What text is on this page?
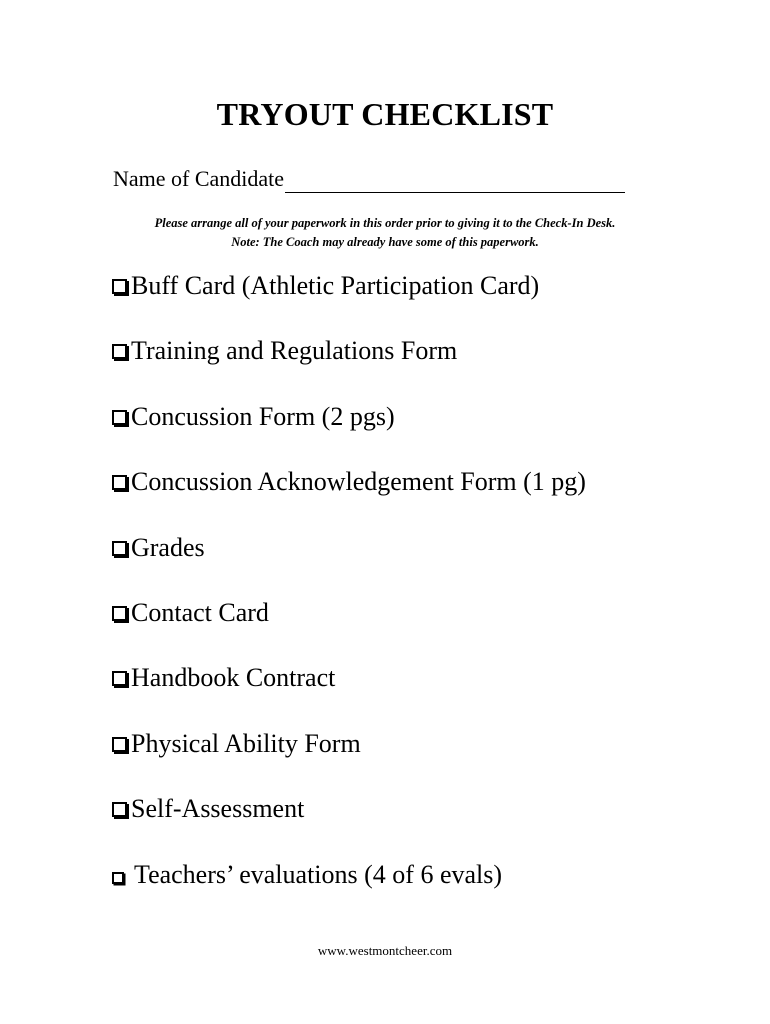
TRYOUT CHECKLIST
Name of Candidate
Please arrange all of your paperwork in this order prior to giving it to the Check-In Desk.
Note: The Coach may already have some of this paperwork.
Buff Card (Athletic Participation Card)
Training and Regulations Form
Concussion Form (2 pgs)
Concussion Acknowledgement Form (1 pg)
Grades
Contact Card
Handbook Contract
Physical Ability Form
Self-Assessment
Teachers’ evaluations (4 of 6 evals)
www.westmontcheer.com
